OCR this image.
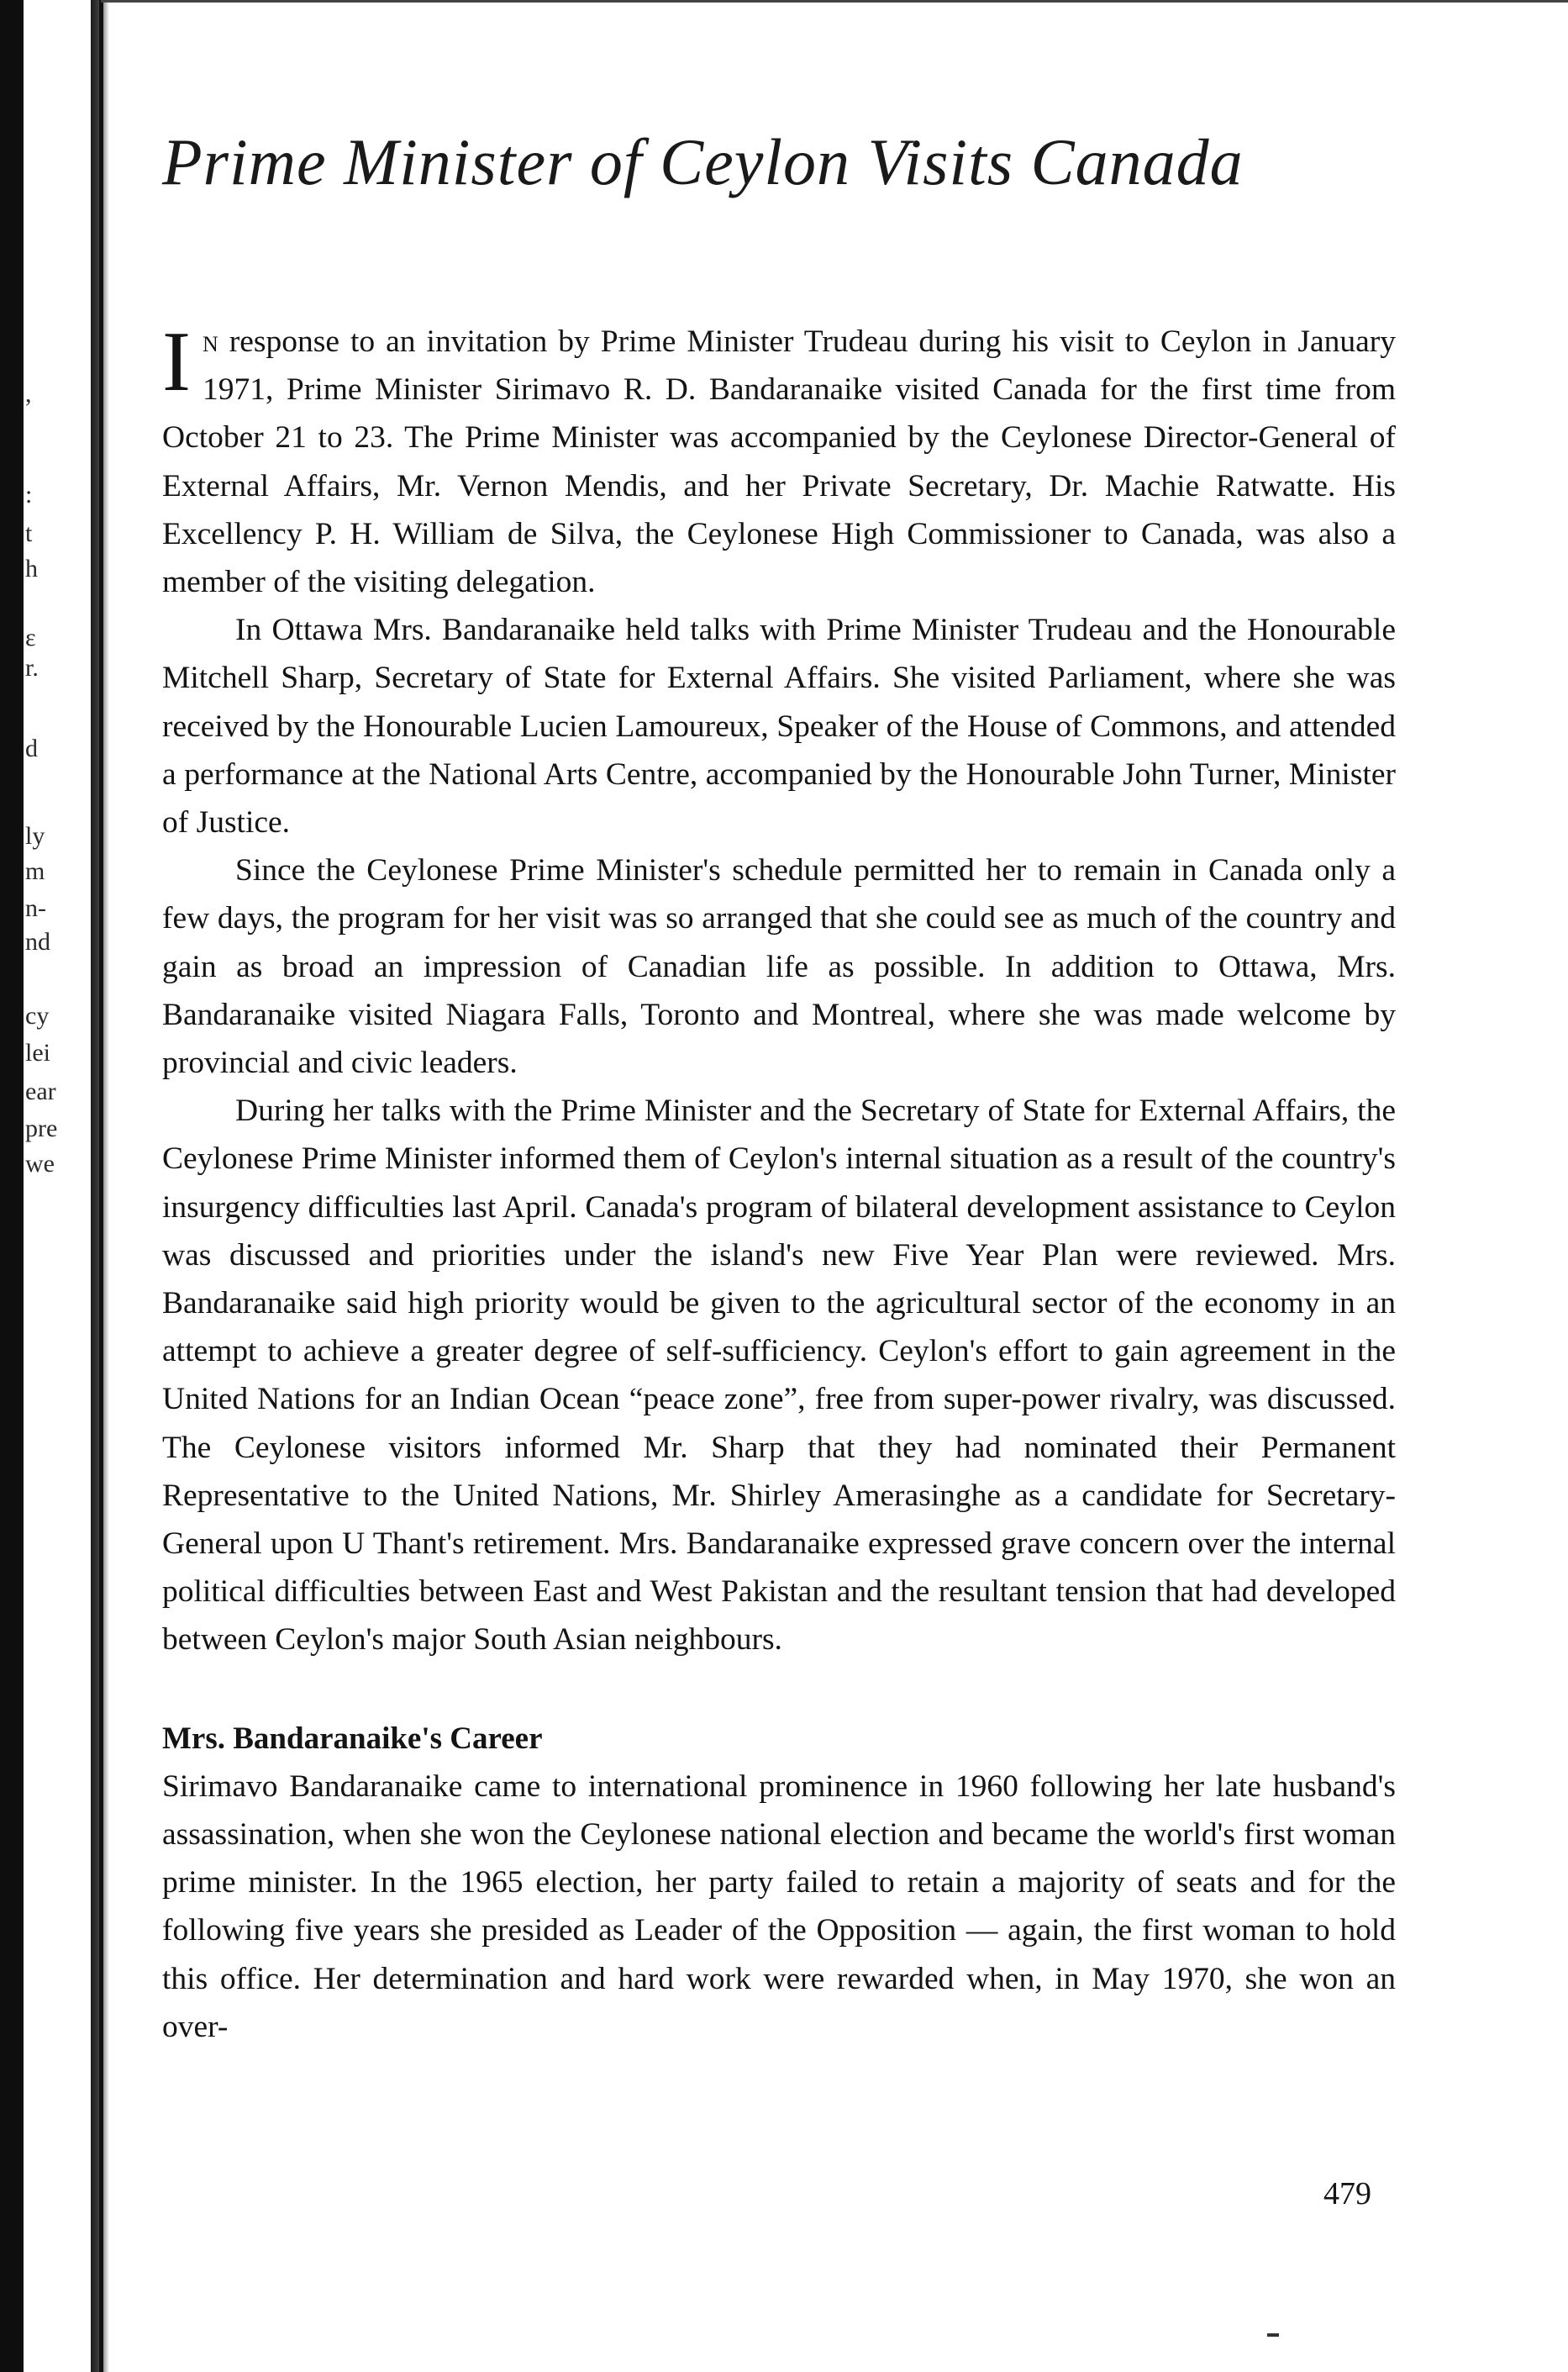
,
:
t
h
ε
r.
d
ly
m
n-
nd
cy
lei
ear
pre
we
Prime Minister of Ceylon Visits Canada

In response to an invitation by Prime Minister Trudeau during his visit to Ceylon in January 1971, Prime Minister Sirimavo R. D. Bandaranaike visited Canada for the first time from October 21 to 23. The Prime Minister was accompanied by the Ceylonese Director-General of External Affairs, Mr. Vernon Mendis, and her Private Secretary, Dr. Machie Ratwatte. His Excellency P. H. William de Silva, the Ceylonese High Commissioner to Canada, was also a member of the visiting delegation.

In Ottawa Mrs. Bandaranaike held talks with Prime Minister Trudeau and the Honourable Mitchell Sharp, Secretary of State for External Affairs. She visited Parliament, where she was received by the Honourable Lucien Lamoureux, Speaker of the House of Commons, and attended a performance at the National Arts Centre, accompanied by the Honourable John Turner, Minister of Justice.

Since the Ceylonese Prime Minister's schedule permitted her to remain in Canada only a few days, the program for her visit was so arranged that she could see as much of the country and gain as broad an impression of Canadian life as possible. In addition to Ottawa, Mrs. Bandaranaike visited Niagara Falls, Toronto and Montreal, where she was made welcome by provincial and civic leaders.

During her talks with the Prime Minister and the Secretary of State for External Affairs, the Ceylonese Prime Minister informed them of Ceylon's internal situation as a result of the country's insurgency difficulties last April. Canada's program of bilateral development assistance to Ceylon was discussed and priorities under the island's new Five Year Plan were reviewed. Mrs. Bandaranaike said high priority would be given to the agricultural sector of the economy in an attempt to achieve a greater degree of self-sufficiency. Ceylon's effort to gain agreement in the United Nations for an Indian Ocean “peace zone”, free from super-power rivalry, was discussed. The Ceylonese visitors informed Mr. Sharp that they had nominated their Permanent Representative to the United Nations, Mr. Shirley Amerasinghe as a candidate for Secretary-General upon U Thant's retirement. Mrs. Bandaranaike expressed grave concern over the internal political difficulties between East and West Pakistan and the resultant tension that had developed between Ceylon's major South Asian neighbours.

Mrs. Bandaranaike's Career

Sirimavo Bandaranaike came to international prominence in 1960 following her late husband's assassination, when she won the Ceylonese national election and became the world's first woman prime minister. In the 1965 election, her party failed to retain a majority of seats and for the following five years she presided as Leader of the Opposition — again, the first woman to hold this office. Her determination and hard work were rewarded when, in May 1970, she won an over-

479
